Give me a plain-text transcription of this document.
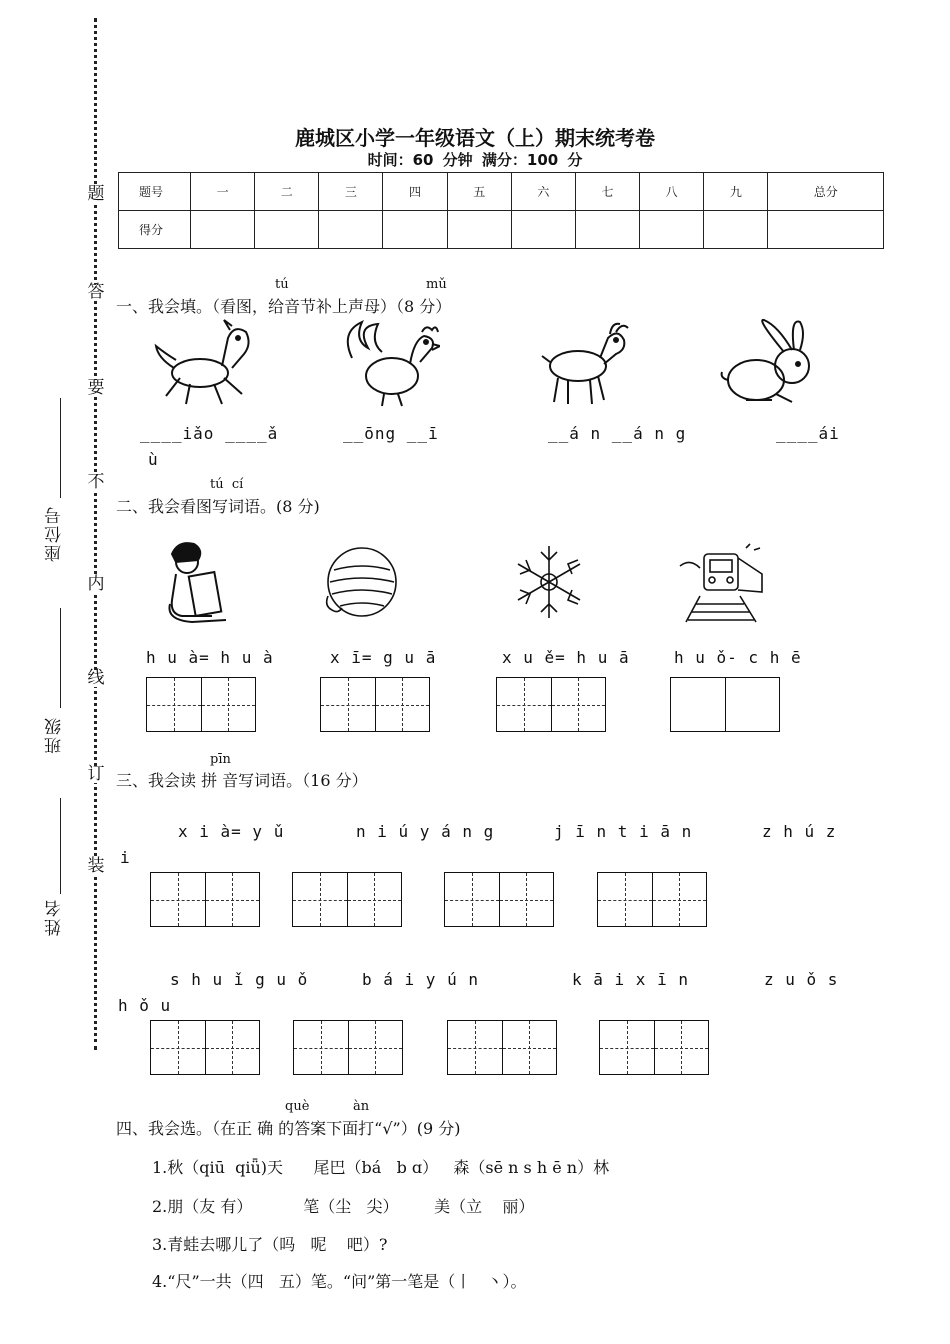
题
答
要
不
内
线
订
装
座位号
班级
姓名
鹿城区小学一年级语文（上）期末统考卷
时间：60 分钟 满分：100 分
题号	一	二	三	四	五	六	七	八	九	总分
得分										
tú	mǔ
一、我会填。（看图，给音节补上声母）（8 分）
____iǎo ____ǎ	__ōng __ī	__á n __á n g	____ái
ù
tú  cí
二、我会看图写词语。(8 分)
h u à= h u à	x ī= g u ā	x u ě= h u ā	h u ǒ- c h ē
pīn
三、我会读 拼 音写词语。（16 分）
x i à= y ǔ	n i ú y á n g	j ī n t i ā n	z h ú z
i
s h u ǐ g u ǒ	b á i y ú n	k ā i x ī n	z u ǒ s
h ǒ u
què	àn
四、我会选。（在正 确 的答案下面打“√”）(9 分)
1.秋（qiū  qiǖ)天      尾巴（bá   b ɑ）   森（sē n s h ē n）林
2.朋（友 有）          笔（尘   尖）       美（立    丽）
3.青蛙去哪儿了（吗   呢    吧）?
4.“尺”一共（四   五）笔。“问”第一笔是（丨   丶）。
